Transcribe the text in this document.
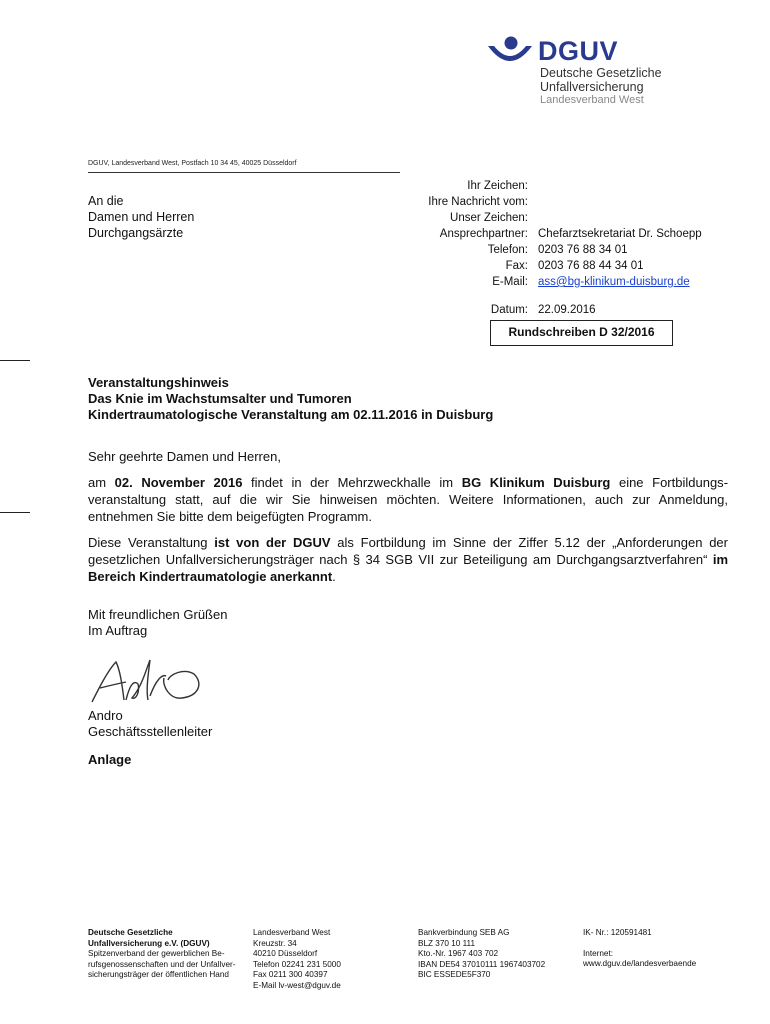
DGUV
Deutsche Gesetzliche
Unfallversicherung
Landesverband West
DGUV, Landesverband West, Postfach 10 34 45, 40025 Düsseldorf
An die
Damen und Herren
Durchgangsärzte
Ihr Zeichen:
Ihre Nachricht vom:
Unser Zeichen:
Ansprechpartner: Chefarztsekretariat Dr. Schoepp
Telefon: 0203 76 88 34 01
Fax: 0203 76 88 44 34 01
E-Mail: ass@bg-klinikum-duisburg.de
Datum: 22.09.2016
Rundschreiben D 32/2016
Veranstaltungshinweis
Das Knie im Wachstumsalter und Tumoren
Kindertraumatologische Veranstaltung am 02.11.2016 in Duisburg
Sehr geehrte Damen und Herren,
am 02. November 2016 findet in der Mehrzweckhalle im BG Klinikum Duisburg eine Fortbildungsveranstaltung statt, auf die wir Sie hinweisen möchten. Weitere Informationen, auch zur Anmeldung, entnehmen Sie bitte dem beigefügten Programm.
Diese Veranstaltung ist von der DGUV als Fortbildung im Sinne der Ziffer 5.12 der „Anforderungen der gesetzlichen Unfallversicherungsträger nach § 34 SGB VII zur Beteiligung am Durchgangsarztverfahren“ im Bereich Kindertraumatologie anerkannt.
Mit freundlichen Grüßen
Im Auftrag
Andro
Geschäftsstellenleiter
Anlage
Deutsche Gesetzliche
Unfallversicherung e.V. (DGUV)
Spitzenverband der gewerblichen Be-
rufsgenossenschaften und der Unfallver-
sicherungsträger der öffentlichen Hand
Landesverband West
Kreuzstr. 34
40210 Düsseldorf
Telefon 02241 231 5000
Fax 0211 300 40397
E-Mail lv-west@dguv.de
Bankverbindung SEB AG
BLZ 370 10 111
Kto.-Nr. 1967 403 702
IBAN DE54 37010111 1967403702
BIC ESSEDE5F370
IK- Nr.: 120591481
Internet:
www.dguv.de/landesverbaende
